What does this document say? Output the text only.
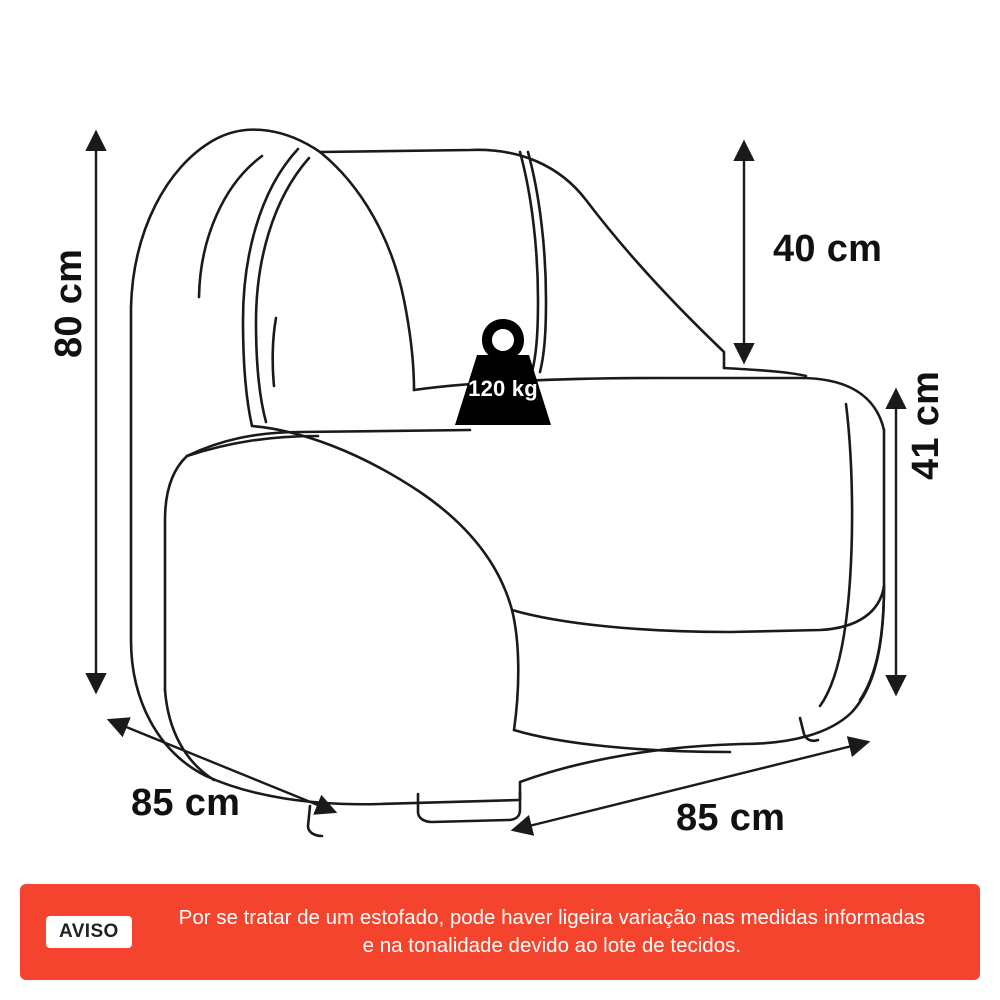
80 cm	40 cm
41 cm
85 cm	85 cm
120 kg
AVISO
Por se tratar de um estofado, pode haver ligeira variação nas medidas informadas
e na tonalidade devido ao lote de tecidos.
